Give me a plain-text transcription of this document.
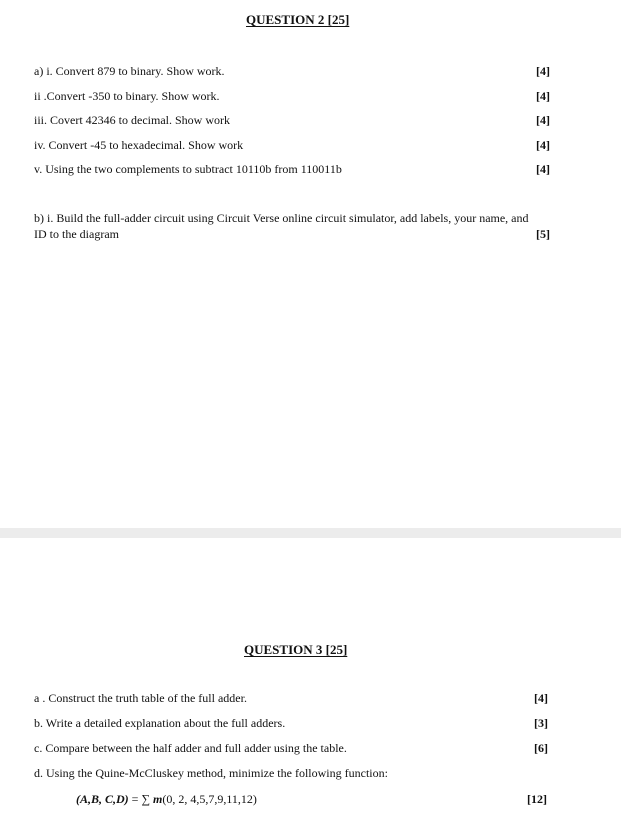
QUESTION 2 [25]
a) i. Convert 879 to binary. Show work.	[4]
ii .Convert -350 to binary. Show work.	[4]
iii. Covert 42346 to decimal. Show work	[4]
iv. Convert -45 to hexadecimal. Show work	[4]
v. Using the two complements to subtract 10110b from 110011b	[4]
b) i. Build the full-adder circuit using Circuit Verse online circuit simulator, add labels, your name, and
ID to the diagram	[5]
QUESTION 3 [25]
a . Construct the truth table of the full adder.	[4]
b. Write a detailed explanation about the full adders.	[3]
c. Compare between the half adder and full adder using the table.	[6]
d. Using the Quine-McCluskey method, minimize the following function:
(A,B, C,D) = ∑ m(0, 2, 4,5,7,9,11,12)	[12]
